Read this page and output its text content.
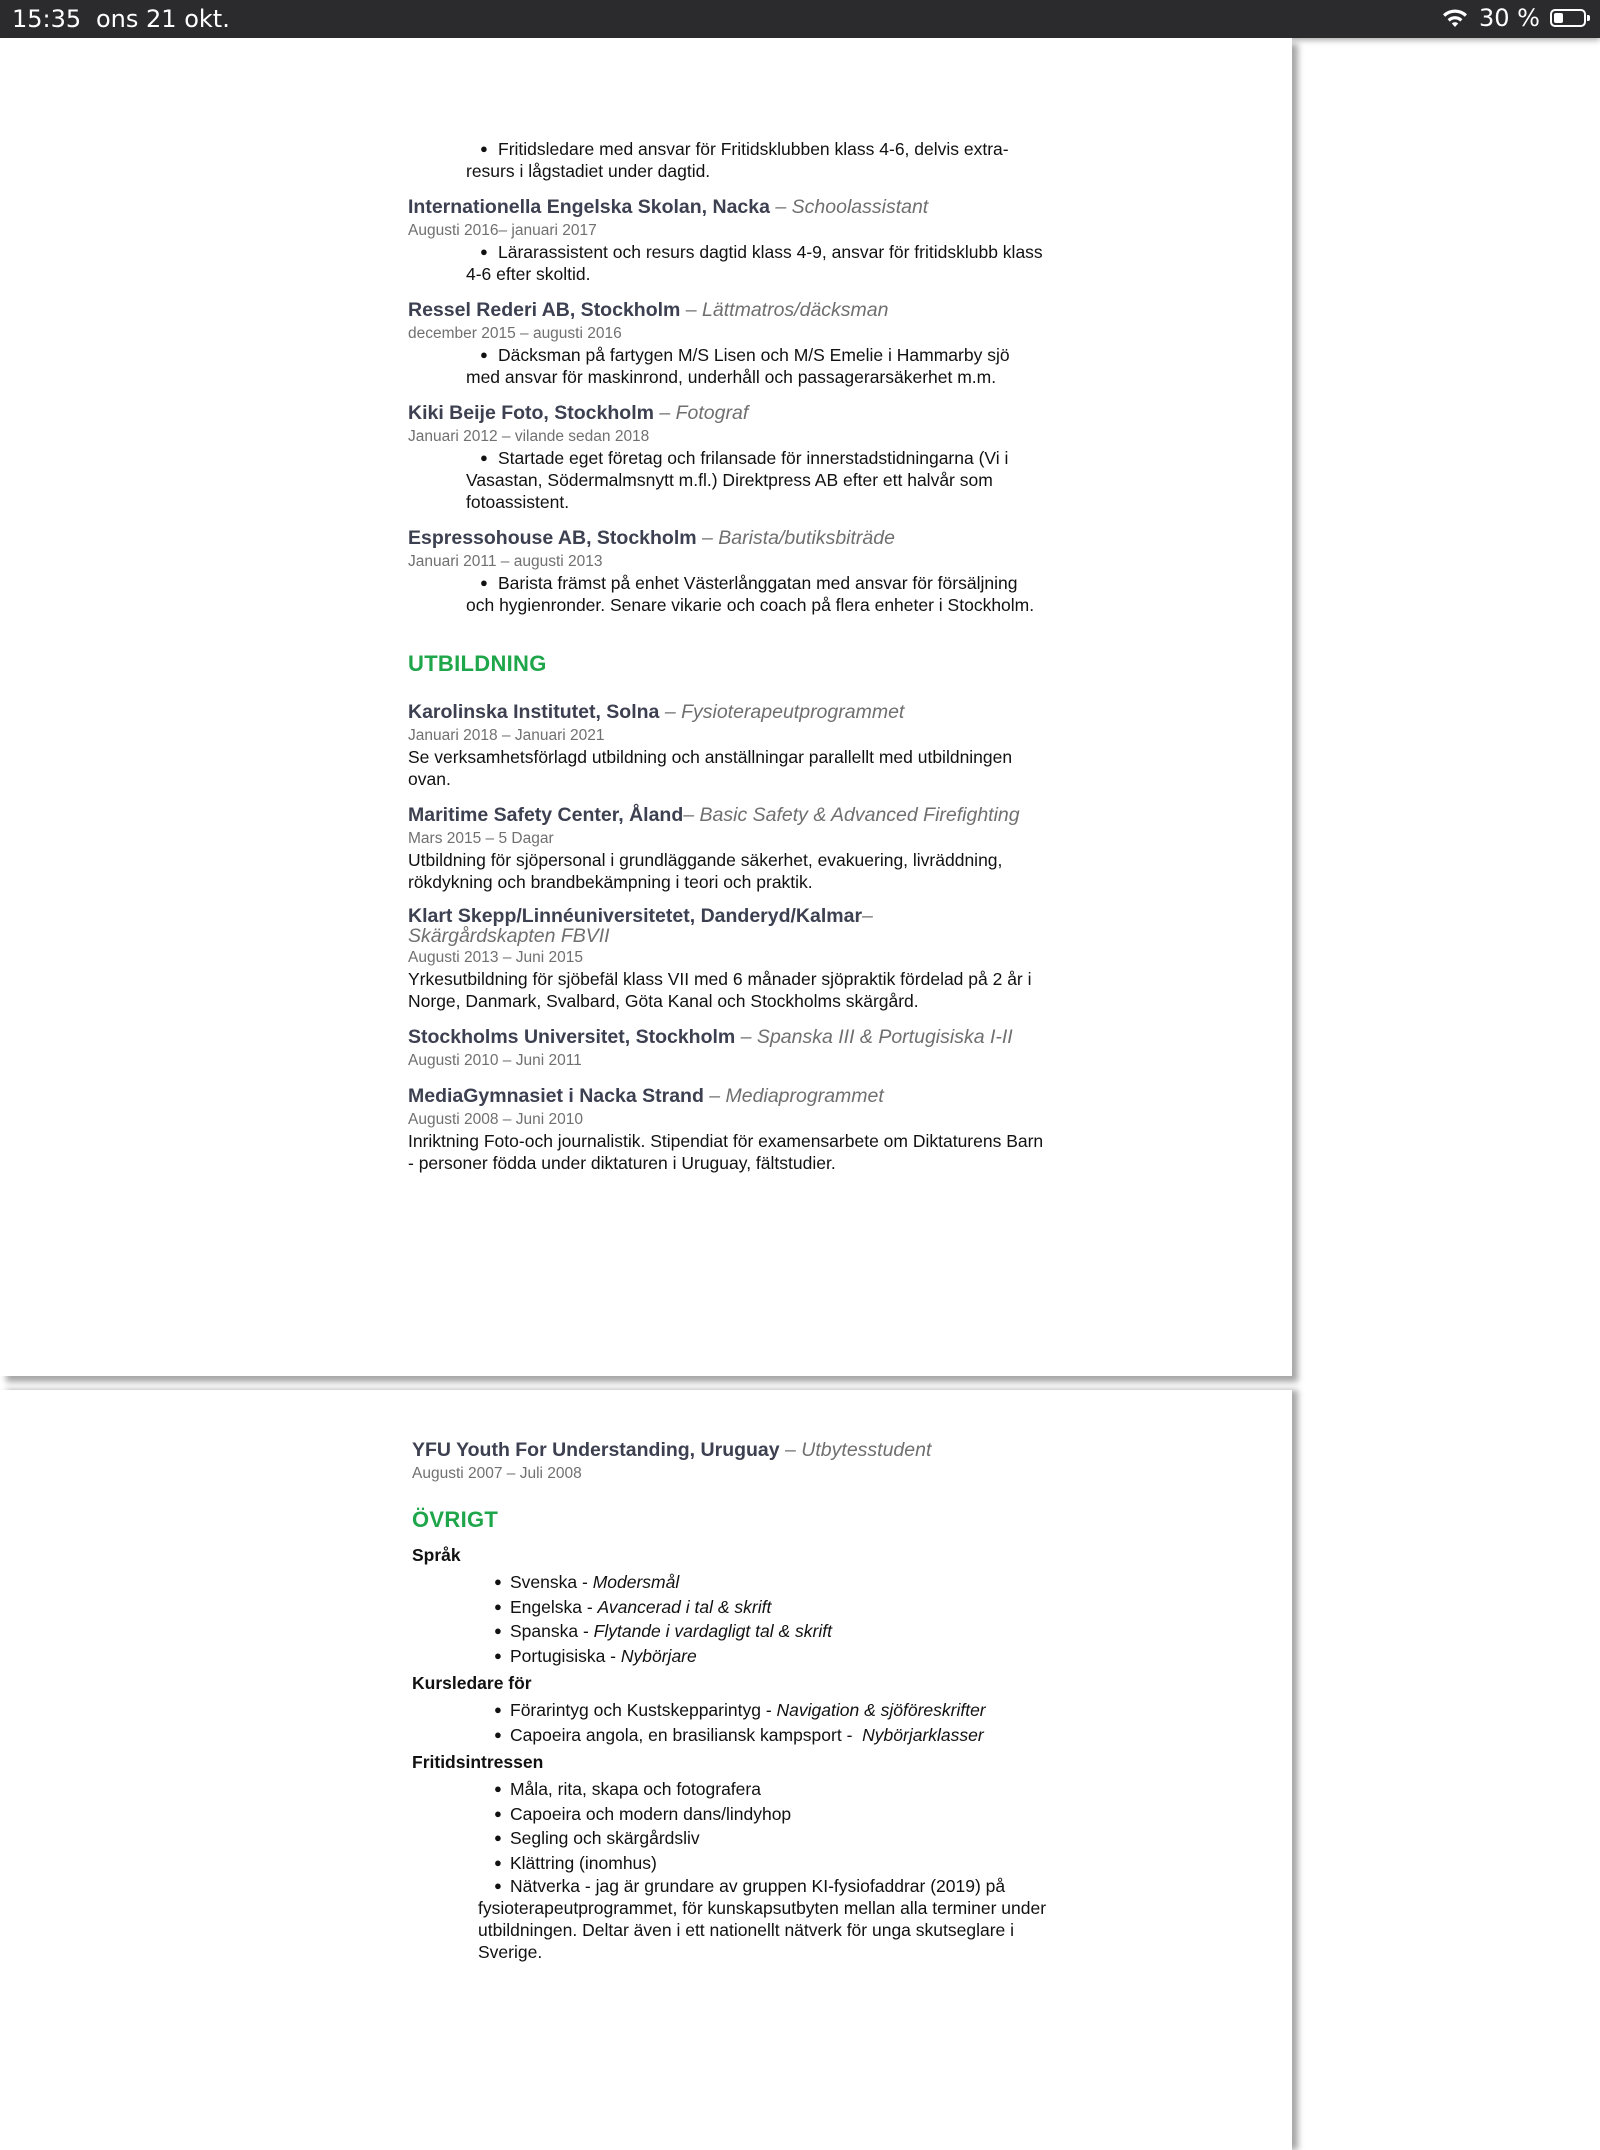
15:35 ons 21 okt.	30 %
● Fritidsledare med ansvar för Fritidsklubben klass 4-6, delvis extra-resurs i lågstadiet under dagtid.
Internationella Engelska Skolan, Nacka – Schoolassistant
Augusti 2016– januari 2017
● Lärarassistent och resurs dagtid klass 4-9, ansvar för fritidsklubb klass 4-6 efter skoltid.
Ressel Rederi AB, Stockholm – Lättmatros/däcksman
december 2015 – augusti 2016
● Däcksman på fartygen M/S Lisen och M/S Emelie i Hammarby sjö med ansvar för maskinrond, underhåll och passagerarsäkerhet m.m.
Kiki Beije Foto, Stockholm – Fotograf
Januari 2012 – vilande sedan 2018
● Startade eget företag och frilansade för innerstadstidningarna (Vi i Vasastan, Södermalmsnytt m.fl.) Direktpress AB efter ett halvår som fotoassistent.
Espressohouse AB, Stockholm – Barista/butiksbiträde
Januari 2011 – augusti 2013
● Barista främst på enhet Västerlånggatan med ansvar för försäljning och hygienronder. Senare vikarie och coach på flera enheter i Stockholm.
UTBILDNING
Karolinska Institutet, Solna – Fysioterapeutprogrammet
Januari 2018 – Januari 2021
Se verksamhetsförlagd utbildning och anställningar parallellt med utbildningen ovan.
Maritime Safety Center, Åland– Basic Safety & Advanced Firefighting
Mars 2015 – 5 Dagar
Utbildning för sjöpersonal i grundläggande säkerhet, evakuering, livräddning, rökdykning och brandbekämpning i teori och praktik.
Klart Skepp/Linnéuniversitetet, Danderyd/Kalmar–
Skärgårdskapten FBVII
Augusti 2013 – Juni 2015
Yrkesutbildning för sjöbefäl klass VII med 6 månader sjöpraktik fördelad på 2 år i Norge, Danmark, Svalbard, Göta Kanal och Stockholms skärgård.
Stockholms Universitet, Stockholm – Spanska III & Portugisiska I-II
Augusti 2010 – Juni 2011
MediaGymnasiet i Nacka Strand – Mediaprogrammet
Augusti 2008 – Juni 2010
Inriktning Foto-och journalistik. Stipendiat för examensarbete om Diktaturens Barn - personer födda under diktaturen i Uruguay, fältstudier.
YFU Youth For Understanding, Uruguay – Utbytesstudent
Augusti 2007 – Juli 2008
ÖVRIGT
Språk
● Svenska - Modersmål
● Engelska - Avancerad i tal & skrift
● Spanska - Flytande i vardagligt tal & skrift
● Portugisiska - Nybörjare
Kursledare för
● Förarintyg och Kustskepparintyg - Navigation & sjöföreskrifter
● Capoeira angola, en brasiliansk kampsport -  Nybörjarklasser
Fritidsintressen
● Måla, rita, skapa och fotografera
● Capoeira och modern dans/lindyhop
● Segling och skärgårdsliv
● Klättring (inomhus)
● Nätverka - jag är grundare av gruppen KI-fysiofaddrar (2019) på fysioterapeutprogrammet, för kunskapsutbyten mellan alla terminer under utbildningen. Deltar även i ett nationellt nätverk för unga skutseglare i Sverige.
